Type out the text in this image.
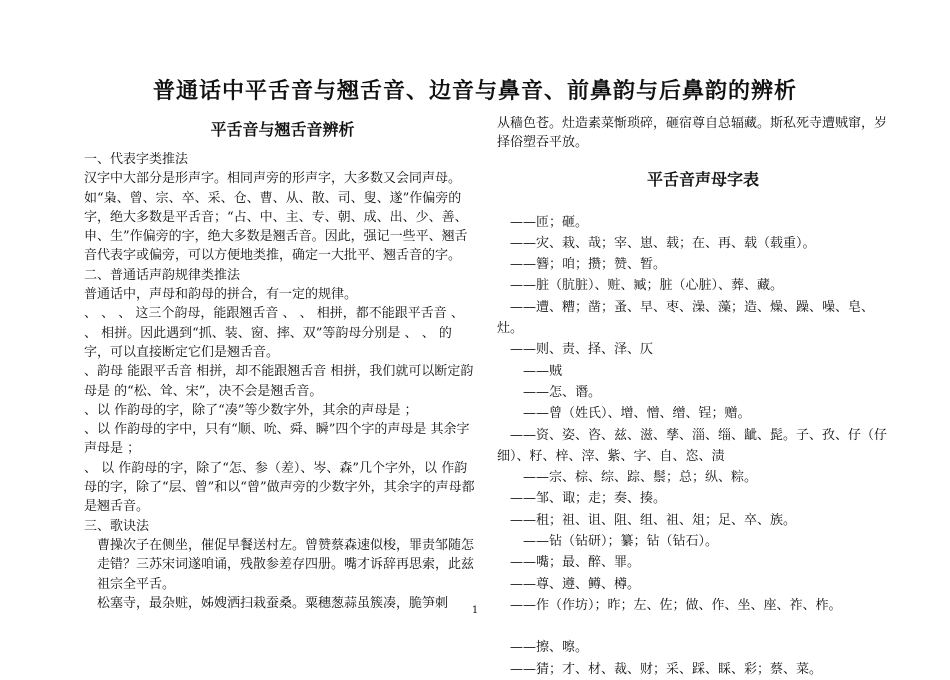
普通话中平舌音与翘舌音、边音与鼻音、前鼻韵与后鼻韵的辨析
平舌音与翘舌音辨析

一、代表字类推法

汉字中大部分是形声字。相同声旁的形声字，大多数又会同声母。如“枭、曾、宗、卒、采、仓、曹、从、散、司、叟、遂”作偏旁的字，绝大多数是平舌音；“占、中、主、专、朝、成、出、少、善、申、生”作偏旁的字，绝大多数是翘舌音。因此，强记一些平、翘舌音代表字或偏旁，可以方便地类推，确定一大批平、翘舌音的字。

二、普通话声韵规律类推法

普通话中，声母和韵母的拼合，有一定的规律。

、 、 、 这三个韵母，能跟翘舌音 、 、 相拼，都不能跟平舌音 、 、 相拼。因此遇到“抓、装、窗、摔、双”等韵母分别是 、 、 的字，可以直接断定它们是翘舌音。

、韵母 能跟平舌音 相拼，却不能跟翘舌音 相拼，我们就可以断定韵母是 的“松、耸、宋”，决不会是翘舌音。

、以 作韵母的字，除了“凑”等少数字外，其余的声母是 ；

、以 作韵母的字中，只有“顺、吮、舜、瞬”四个字的声母是 其余字声母是 ；

、 以 作韵母的字，除了“怎、参（差）、岑、森”几个字外，以 作韵母的字，除了“层、曾”和以“曾”做声旁的少数字外，其余字的声母都是翘舌音。

三、歌诀法

曹操次子在侧坐，催促早餐送村左。曾赞蔡森速似梭，罪责邹随怎走错？三苏宋词遂咱诵，残散参差存四册。嘴才诉辞再思索，此兹祖宗全平舌。

松塞寺，最杂赃，姊嫂洒扫栽蚕桑。粟穗葱蒜虽簇凑，脆笋刺

从穑色苍。灶造素菜惭琐碎，砸宿尊自总辐藏。斯私死寺遭贼窜，岁择俗塑吞平放。

平舌音声母字表

——匝；砸。

——灾、栽、哉；宰、崽、载；在、再、载（载重）。

——簪；咱；攒；赞、暂。

——脏（肮脏）、赃、臧；脏（心脏）、葬、藏。

——遭、糟；凿；蚤、早、枣、澡、藻；造、燥、躁、噪、皂、灶。

——则、责、择、泽、仄

——贼

——怎、谮。

——曾（姓氏）、增、憎、缯、锃；赠。

——资、姿、咨、兹、滋、孳、淄、缁、龇、髭。子、孜、仔（仔细）、籽、梓、滓、紫、字、自、恣、渍

——宗、棕、综、踪、鬃；总；纵、粽。

——邹、诹；走；奏、揍。

——租；祖、诅、阻、组、祖、俎；足、卒、族。

——钻（钻研）；纂；钻（钻石）。

——嘴；最、醉、罪。

——尊、遵、鳟、樽。

——作（作坊）；昨；左、佐；做、作、坐、座、祚、柞。

——擦、嚓。

——猜；才、材、裁、财；采、踩、睬、彩；蔡、菜。

1
